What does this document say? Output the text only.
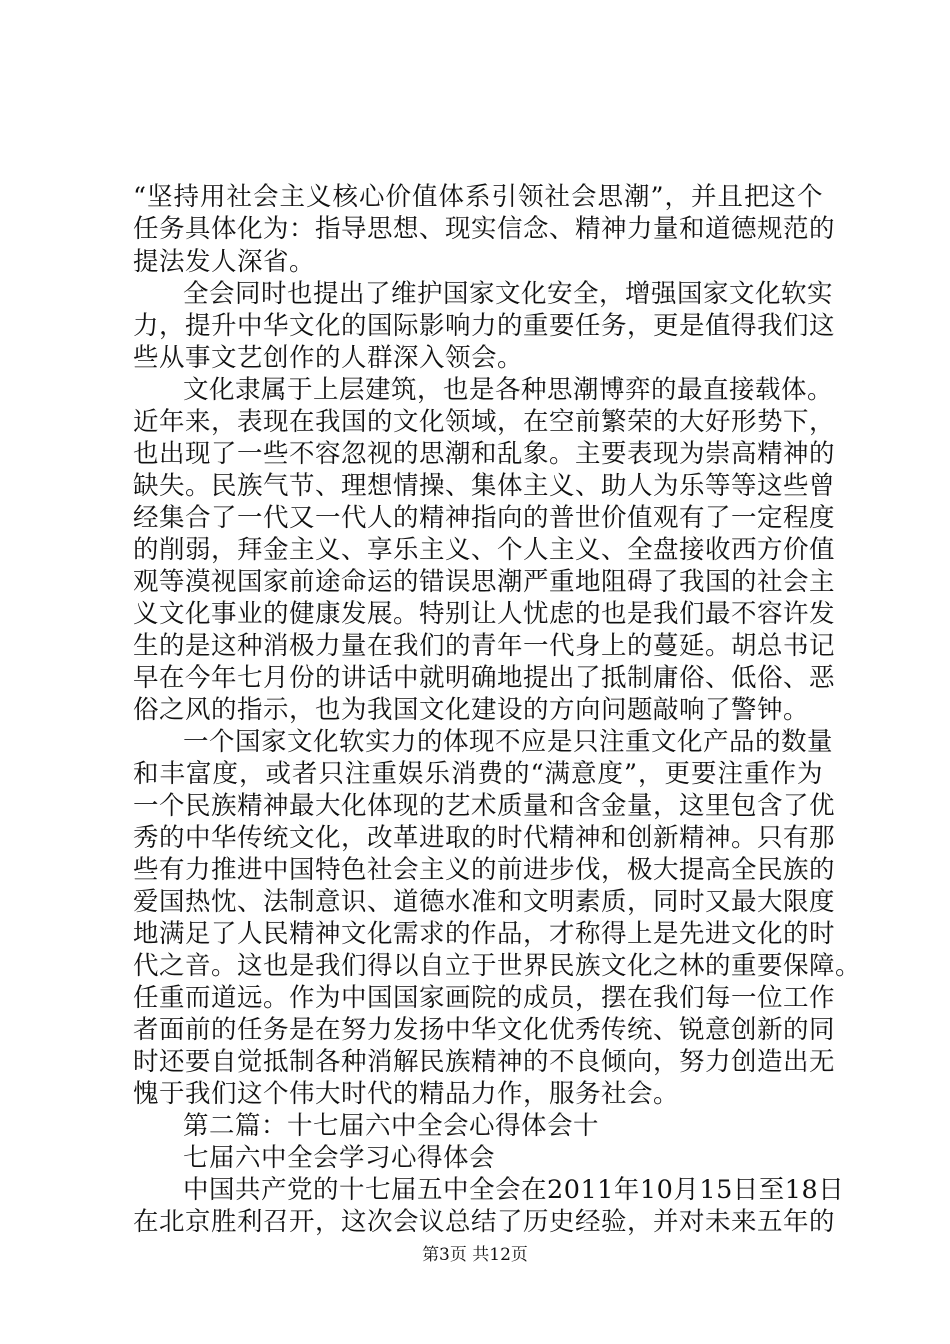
“坚持用社会主义核心价值体系引领社会思潮”，并且把这个
任务具体化为：指导思想、现实信念、精神力量和道德规范的
提法发人深省。
全会同时也提出了维护国家文化安全，增强国家文化软实
力，提升中华文化的国际影响力的重要任务，更是值得我们这
些从事文艺创作的人群深入领会。
文化隶属于上层建筑，也是各种思潮博弈的最直接载体。
近年来，表现在我国的文化领域，在空前繁荣的大好形势下，
也出现了一些不容忽视的思潮和乱象。主要表现为崇高精神的
缺失。民族气节、理想情操、集体主义、助人为乐等等这些曾
经集合了一代又一代人的精神指向的普世价值观有了一定程度
的削弱，拜金主义、享乐主义、个人主义、全盘接收西方价值
观等漠视国家前途命运的错误思潮严重地阻碍了我国的社会主
义文化事业的健康发展。特别让人忧虑的也是我们最不容许发
生的是这种消极力量在我们的青年一代身上的蔓延。胡总书记
早在今年七月份的讲话中就明确地提出了抵制庸俗、低俗、恶
俗之风的指示，也为我国文化建设的方向问题敲响了警钟。
一个国家文化软实力的体现不应是只注重文化产品的数量
和丰富度，或者只注重娱乐消费的“满意度”，更要注重作为
一个民族精神最大化体现的艺术质量和含金量，这里包含了优
秀的中华传统文化，改革进取的时代精神和创新精神。只有那
些有力推进中国特色社会主义的前进步伐，极大提高全民族的
爱国热忱、法制意识、道德水准和文明素质，同时又最大限度
地满足了人民精神文化需求的作品，才称得上是先进文化的时
代之音。这也是我们得以自立于世界民族文化之林的重要保障。
任重而道远。作为中国国家画院的成员，摆在我们每一位工作
者面前的任务是在努力发扬中华文化优秀传统、锐意创新的同
时还要自觉抵制各种消解民族精神的不良倾向，努力创造出无
愧于我们这个伟大时代的精品力作，服务社会。
第二篇：十七届六中全会心得体会十
七届六中全会学习心得体会
中国共产党的十七届五中全会在2011年10月15日至18日
在北京胜利召开，这次会议总结了历史经验，并对未来五年的
第3页 共12页
